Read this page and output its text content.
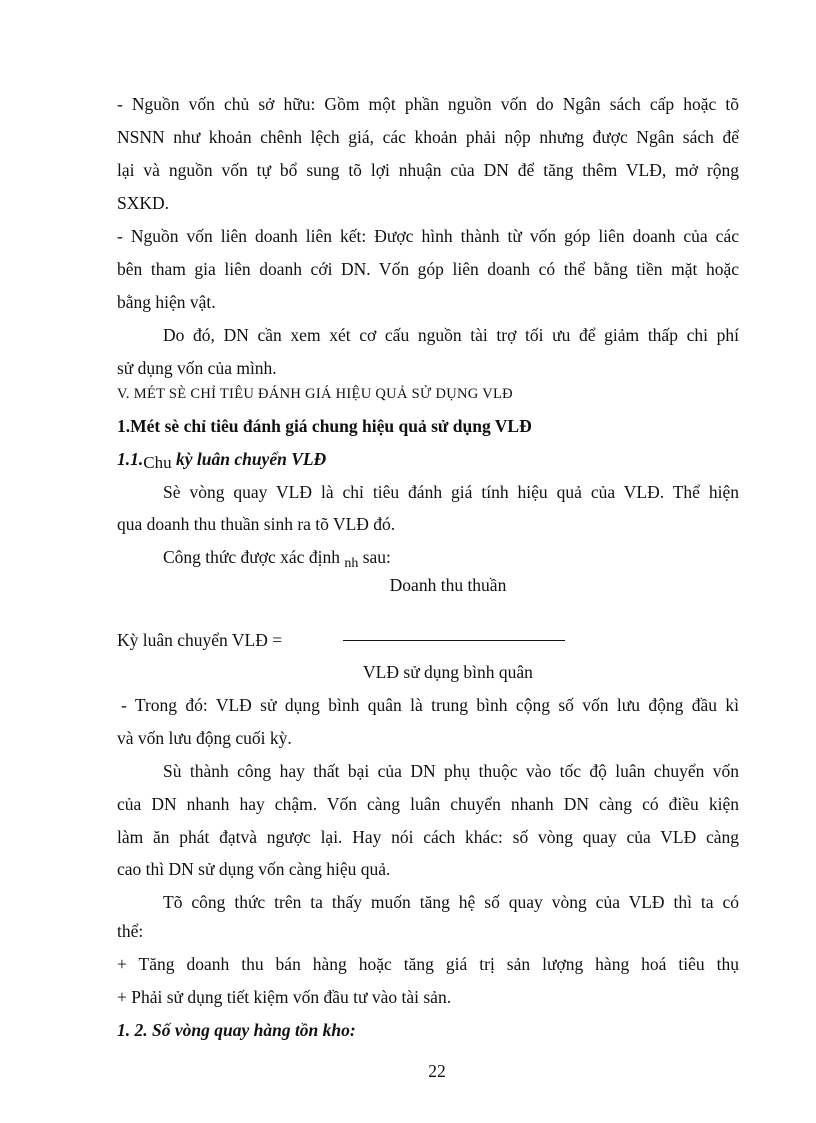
- Nguồn vốn chủ sở hữu: Gồm một phần nguồn vốn do Ngân sách cấp hoặc tõ
NSNN như khoản chênh lệch giá, các khoản phải nộp nhưng được Ngân sách để
lại và nguồn vốn tự bổ sung tõ lợi nhuận của DN để tăng thêm VLĐ, mở rộng
SXKD.
- Nguồn vốn liên doanh liên kết: Được hình thành từ vốn góp liên doanh của các
bên tham gia liên doanh cới DN. Vốn góp liên doanh có thể bằng tiền mặt hoặc
bằng hiện vật.
Do đó, DN cần xem xét cơ cấu nguồn tài trợ tối ưu để giảm thấp chi phí
sử dụng vốn của mình.
V. MÉT SÈ CHỈ TIÊU ĐÁNH GIÁ HIỆU QUẢ SỬ DỤNG VLĐ
1.Mét sè chỉ tiêu đánh giá chung hiệu quả sử dụng VLĐ
1.1.Chu kỳ luân chuyển VLĐ
Sè vòng quay VLĐ là chỉ tiêu đánh giá tính hiệu quả của VLĐ. Thể hiện
qua doanh thu thuần sinh ra tõ VLĐ đó.
Công thức được xác định $_{nh}$ sau:
Doanh thu thuần
Kỳ luân chuyển VLĐ =
VLĐ sử dụng bình quân
- Trong đó: VLĐ sử dụng bình quân là trung bình cộng số vốn lưu động đầu kì
và vốn lưu động cuối kỳ.
Sù thành công hay thất bại của DN phụ thuộc vào tốc độ luân chuyển vốn
của DN nhanh hay chậm. Vốn càng luân chuyển nhanh DN càng có điều kiện
làm ăn phát đạtvà ngược lại. Hay nói cách khác: số vòng quay của VLĐ càng
cao thì DN sử dụng vốn càng hiệu quả.
Tõ công thức trên ta thấy muốn tăng hệ số quay vòng của VLĐ thì ta có
thể:
+ Tăng doanh thu bán hàng hoặc tăng giá trị sản lượng hàng hoá tiêu thụ
+ Phải sử dụng tiết kiệm vốn đầu tư vào tài sản.
1. 2. Số vòng quay hàng tồn kho:
22
